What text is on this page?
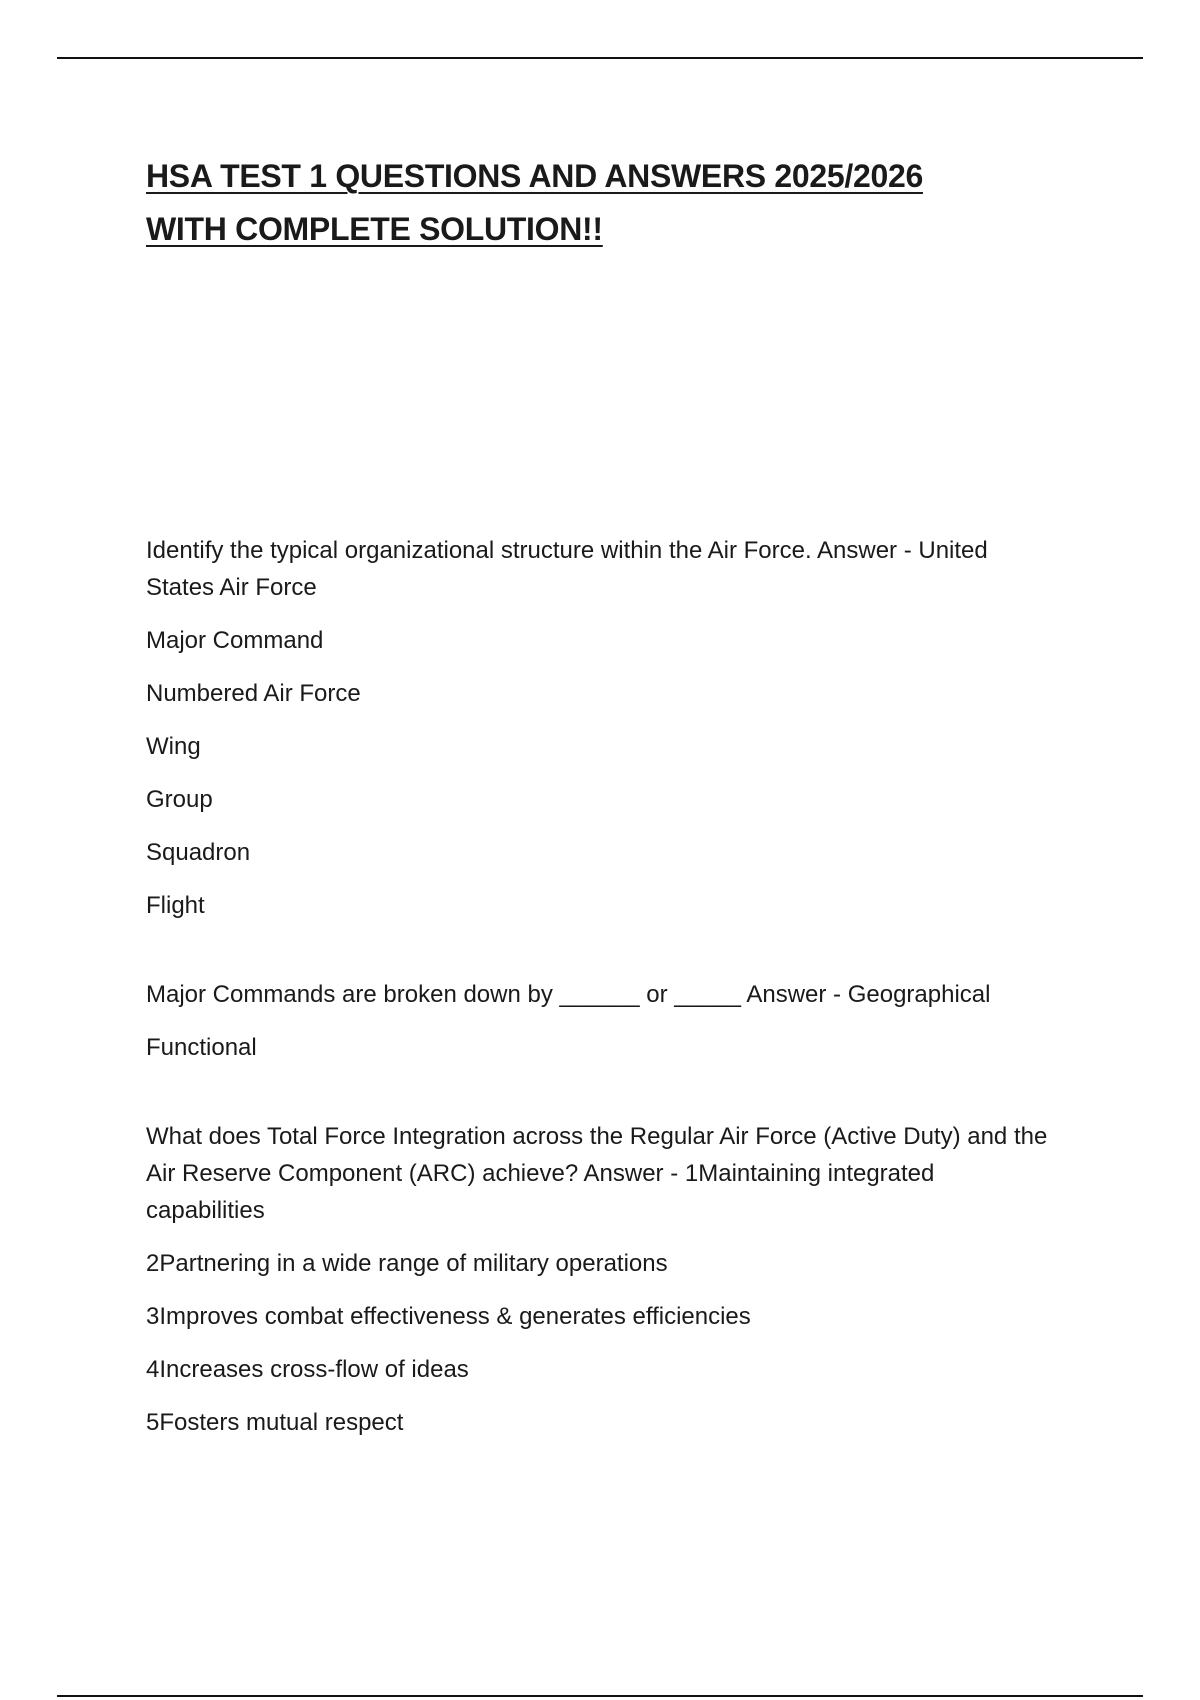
HSA TEST 1 QUESTIONS AND ANSWERS 2025/2026
WITH COMPLETE SOLUTION!!

Identify the typical organizational structure within the Air Force. Answer - United States Air Force

Major Command

Numbered Air Force

Wing

Group

Squadron

Flight

Major Commands are broken down by ______ or _____ Answer - Geographical

Functional

What does Total Force Integration across the Regular Air Force (Active Duty) and the Air Reserve Component (ARC) achieve? Answer - 1Maintaining integrated capabilities

2Partnering in a wide range of military operations

3Improves combat effectiveness & generates efficiencies

4Increases cross-flow of ideas

5Fosters mutual respect
